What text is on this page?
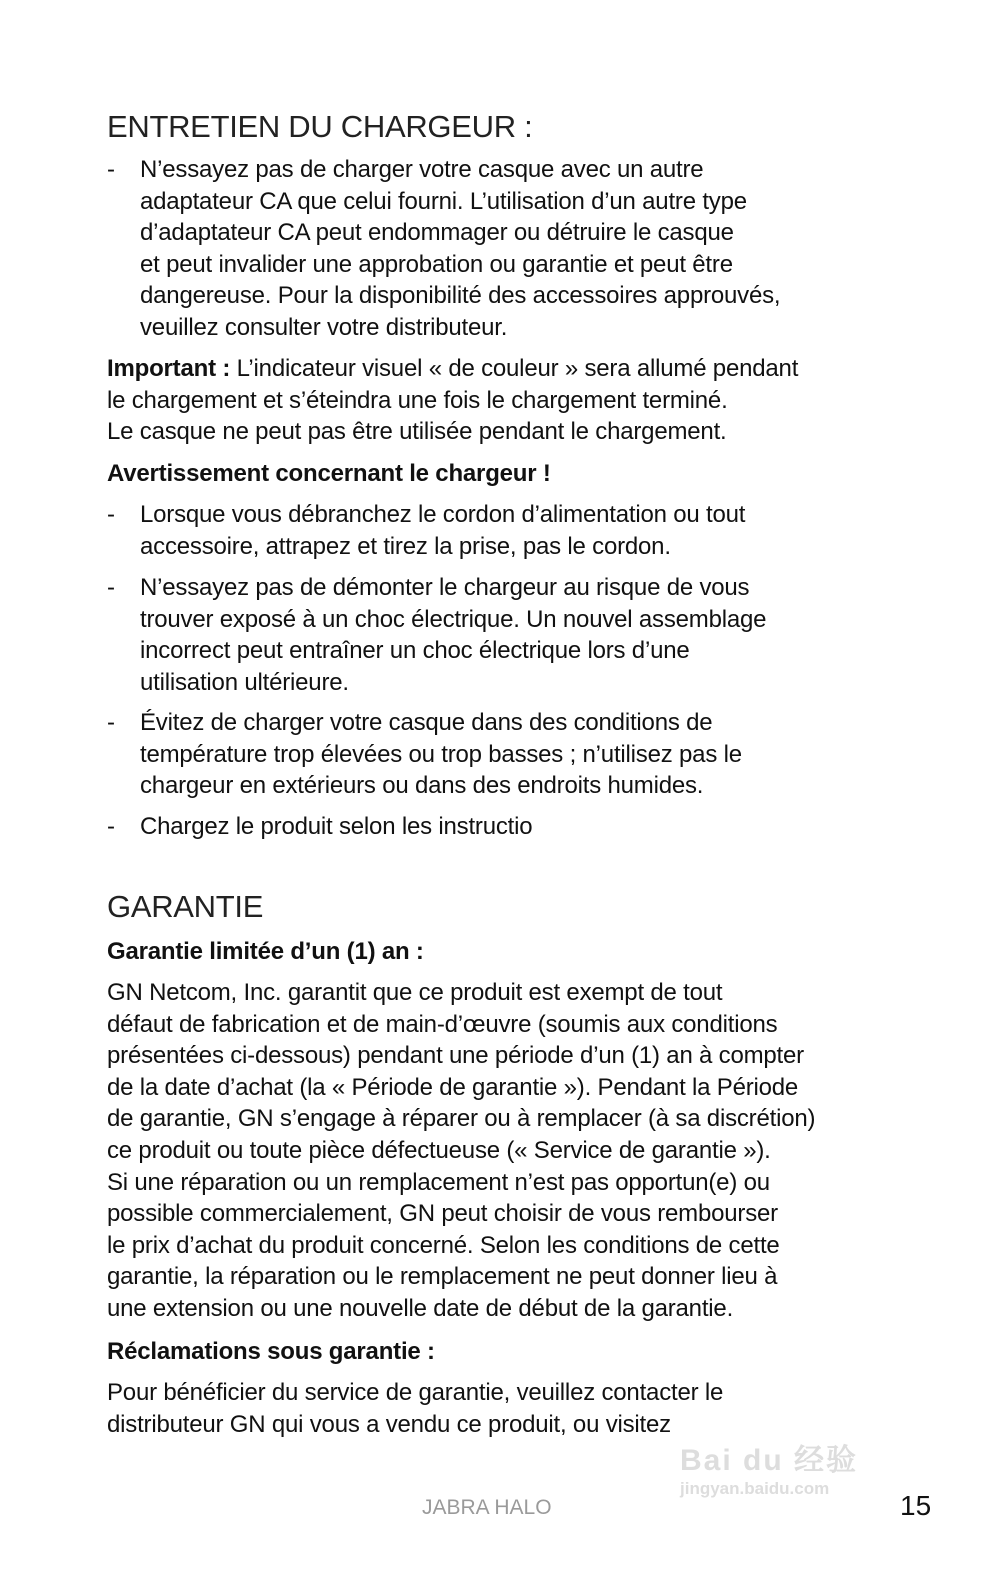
ENTRETIEN DU CHARGEUR :
-	N’essayez pas de charger votre casque avec un autre
adaptateur CA que celui fourni. L’utilisation d’un autre type
d’adaptateur CA peut endommager ou détruire le casque
et peut invalider une approbation ou garantie et peut être
dangereuse. Pour la disponibilité des accessoires approuvés,
veuillez consulter votre distributeur.
Important : L’indicateur visuel « de couleur » sera allumé pendant
le chargement et s’éteindra une fois le chargement terminé.
Le casque ne peut pas être utilisée pendant le chargement.
Avertissement concernant le chargeur !
-	Lorsque vous débranchez le cordon d’alimentation ou tout
accessoire, attrapez et tirez la prise, pas le cordon.
-	N’essayez pas de démonter le chargeur au risque de vous
trouver exposé à un choc électrique. Un nouvel assemblage
incorrect peut entraîner un choc électrique lors d’une
utilisation ultérieure.
-	Évitez de charger votre casque dans des conditions de
température trop élevées ou trop basses ; n’utilisez pas le
chargeur en extérieurs ou dans des endroits humides.
-	Chargez le produit selon les instructio
GARANTIE
Garantie limitée d’un (1) an :
GN Netcom, Inc. garantit que ce produit est exempt de tout
défaut de fabrication et de main-d’œuvre (soumis aux conditions
présentées ci-dessous) pendant une période d’un (1) an à compter
de la date d’achat (la « Période de garantie »). Pendant la Période
de garantie, GN s’engage à réparer ou à remplacer (à sa discrétion)
ce produit ou toute pièce défectueuse (« Service de garantie »).
Si une réparation ou un remplacement n’est pas opportun(e) ou
possible commercialement, GN peut choisir de vous rembourser
le prix d’achat du produit concerné. Selon les conditions de cette
garantie, la réparation ou le remplacement ne peut donner lieu à
une extension ou une nouvelle date de début de la garantie.
Réclamations sous garantie :
Pour bénéficier du service de garantie, veuillez contacter le
distributeur GN qui vous a vendu ce produit, ou visitez
Bai du 经验
jingyan.baidu.com
JABRA HALO	15
